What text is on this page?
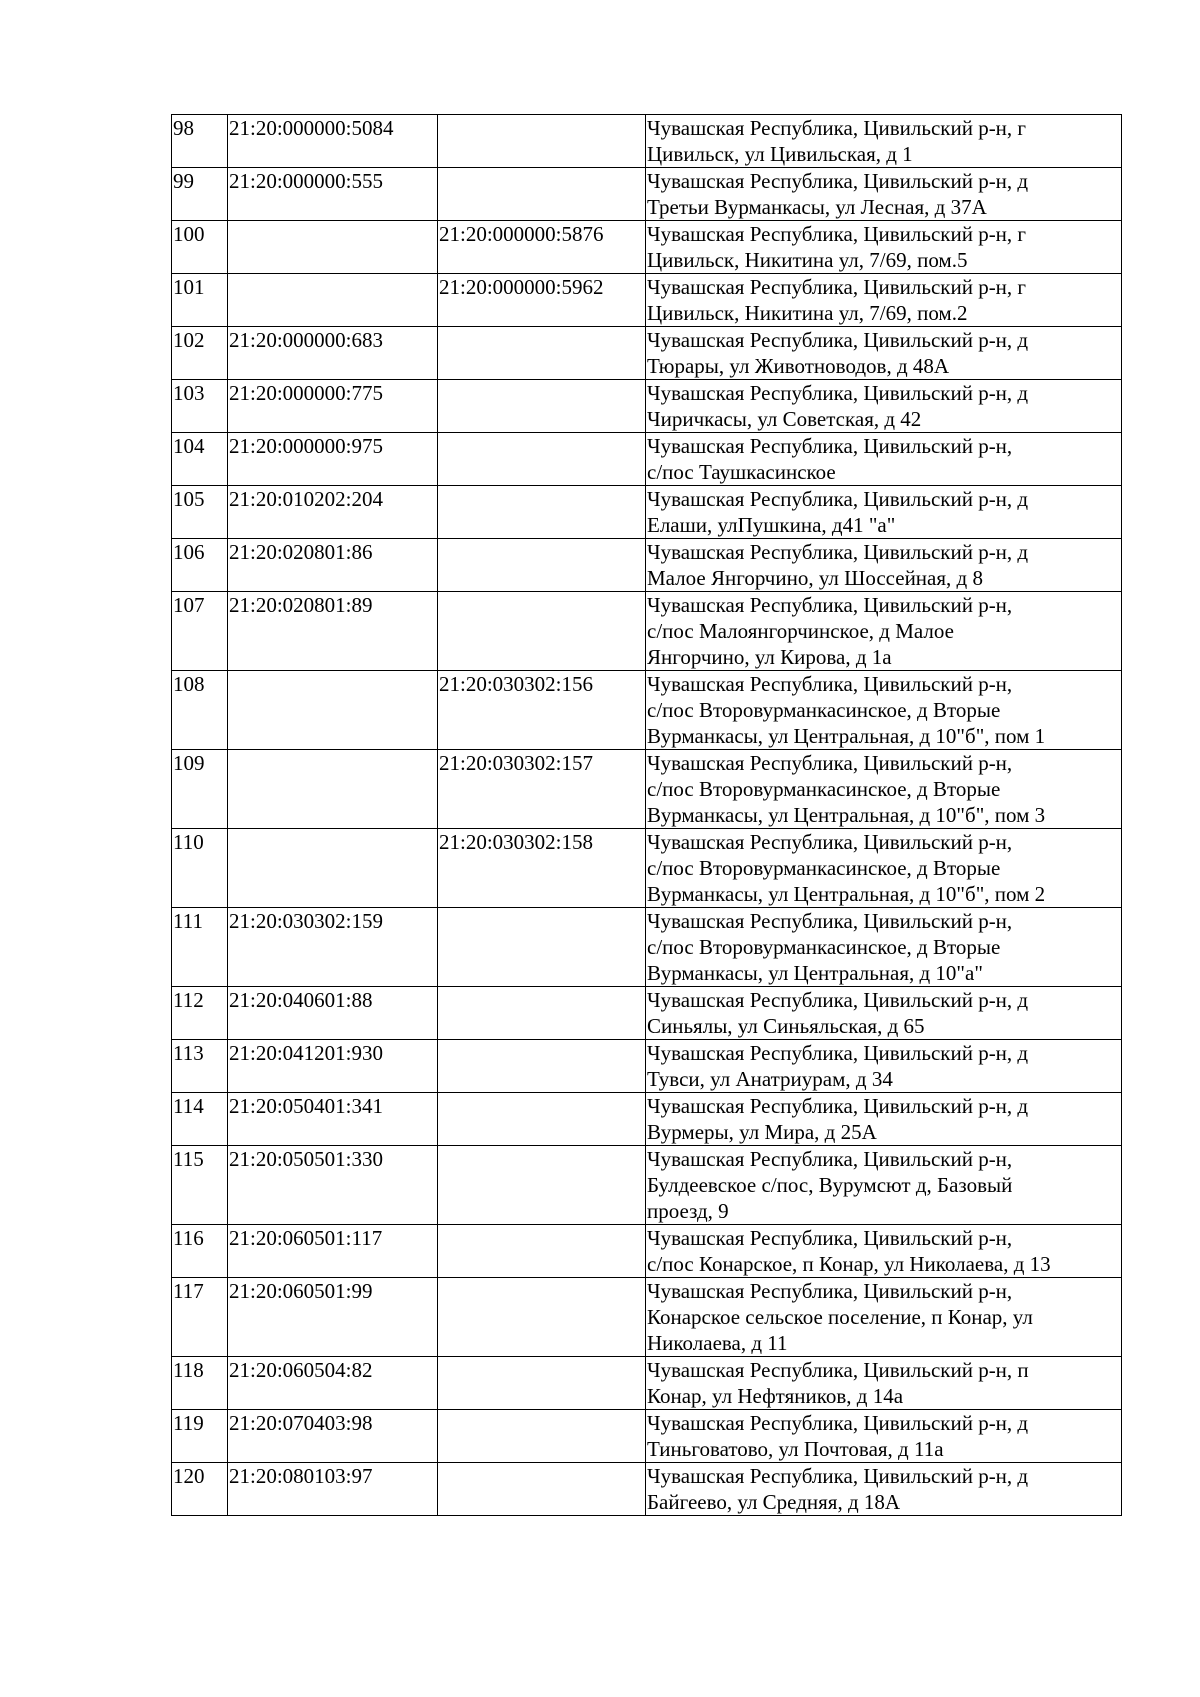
98	21:20:000000:5084		Чувашская Республика, Цивильский р-н, г
Цивильск, ул Цивильская, д 1

99	21:20:000000:555		Чувашская Республика, Цивильский р-н, д
Третьи Вурманкасы, ул Лесная, д 37А

100		21:20:000000:5876	Чувашская Республика, Цивильский р-н, г
Цивильск, Никитина ул, 7/69, пом.5

101		21:20:000000:5962	Чувашская Республика, Цивильский р-н, г
Цивильск, Никитина ул, 7/69, пом.2

102	21:20:000000:683		Чувашская Республика, Цивильский р-н, д
Тюрары, ул Животноводов, д 48А

103	21:20:000000:775		Чувашская Республика, Цивильский р-н, д
Чиричкасы, ул Советская, д 42

104	21:20:000000:975		Чувашская Республика, Цивильский р-н,
с/пос Таушкасинское

105	21:20:010202:204		Чувашская Республика, Цивильский р-н, д
Елаши, улПушкина, д41 "а"

106	21:20:020801:86		Чувашская Республика, Цивильский р-н, д
Малое Янгорчино, ул Шоссейная, д 8

107	21:20:020801:89		Чувашская Республика, Цивильский р-н,
с/пос Малоянгорчинское, д Малое
Янгорчино, ул Кирова, д 1а

108		21:20:030302:156	Чувашская Республика, Цивильский р-н,
с/пос Второвурманкасинское, д Вторые
Вурманкасы, ул Центральная, д 10"б", пом 1

109		21:20:030302:157	Чувашская Республика, Цивильский р-н,
с/пос Второвурманкасинское, д Вторые
Вурманкасы, ул Центральная, д 10"б", пом 3

110		21:20:030302:158	Чувашская Республика, Цивильский р-н,
с/пос Второвурманкасинское, д Вторые
Вурманкасы, ул Центральная, д 10"б", пом 2

111	21:20:030302:159		Чувашская Республика, Цивильский р-н,
с/пос Второвурманкасинское, д Вторые
Вурманкасы, ул Центральная, д 10"а"

112	21:20:040601:88		Чувашская Республика, Цивильский р-н, д
Синьялы, ул Синьяльская, д 65

113	21:20:041201:930		Чувашская Республика, Цивильский р-н, д
Тувси, ул Анатриурам, д 34

114	21:20:050401:341		Чувашская Республика, Цивильский р-н, д
Вурмеры, ул Мира, д 25А

115	21:20:050501:330		Чувашская Республика, Цивильский р-н,
Булдеевское с/пос, Вурумсют д, Базовый
проезд, 9

116	21:20:060501:117		Чувашская Республика, Цивильский р-н,
с/пос Конарское, п Конар, ул Николаева, д 13

117	21:20:060501:99		Чувашская Республика, Цивильский р-н,
Конарское сельское поселение, п Конар, ул
Николаева, д 11

118	21:20:060504:82		Чувашская Республика, Цивильский р-н, п
Конар, ул Нефтяников, д 14а

119	21:20:070403:98		Чувашская Республика, Цивильский р-н, д
Тиньговатово, ул Почтовая, д 11а

120	21:20:080103:97		Чувашская Республика, Цивильский р-н, д
Байгеево, ул Средняя, д 18А
